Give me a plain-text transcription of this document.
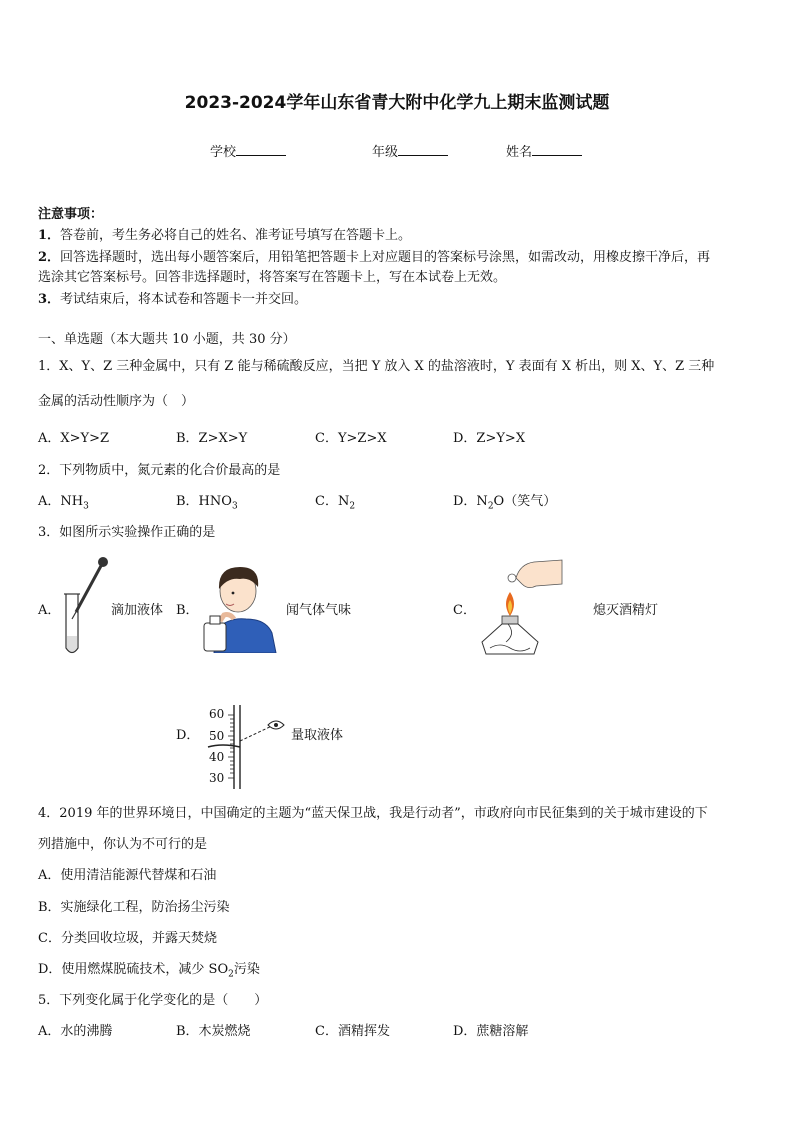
2023-2024学年山东省青大附中化学九上期末监测试题
学校	年级	姓名
注意事项：
1．答卷前，考生务必将自己的姓名、准考证号填写在答题卡上。
2．回答选择题时，选出每小题答案后，用铅笔把答题卡上对应题目的答案标号涂黑，如需改动，用橡皮擦干净后，再
选涂其它答案标号。回答非选择题时，将答案写在答题卡上，写在本试卷上无效。
3．考试结束后，将本试卷和答题卡一并交回。
一、单选题（本大题共 10 小题，共 30 分）
1．X、Y、Z 三种金属中，只有 Z 能与稀硫酸反应，当把 Y 放入 X 的盐溶液时，Y 表面有 X 析出，则 X、Y、Z 三种
金属的活动性顺序为（　）
A．X>Y>Z	B．Z>X>Y	C．Y>Z>X	D．Z>Y>X
2．下列物质中，氮元素的化合价最高的是
A．$NH_3$	B．$HNO_3$	C．$N_2$	D．$N_2O$（笑气）
3．如图所示实验操作正确的是
A．	滴加液体 B．	闻气体气味	C．	熄灭酒精灯
D．
60
50
40
30
量取液体
4．2019 年的世界环境日，中国确定的主题为“蓝天保卫战，我是行动者”，市政府向市民征集到的关于城市建设的下
列措施中，你认为不可行的是
A．使用清洁能源代替煤和石油
B．实施绿化工程，防治扬尘污染
C．分类回收垃圾，并露天焚烧
D．使用燃煤脱硫技术，减少 $SO_2$污染
5．下列变化属于化学变化的是（　　）
A．水的沸腾	B．木炭燃烧	C．酒精挥发	D．蔗糖溶解
